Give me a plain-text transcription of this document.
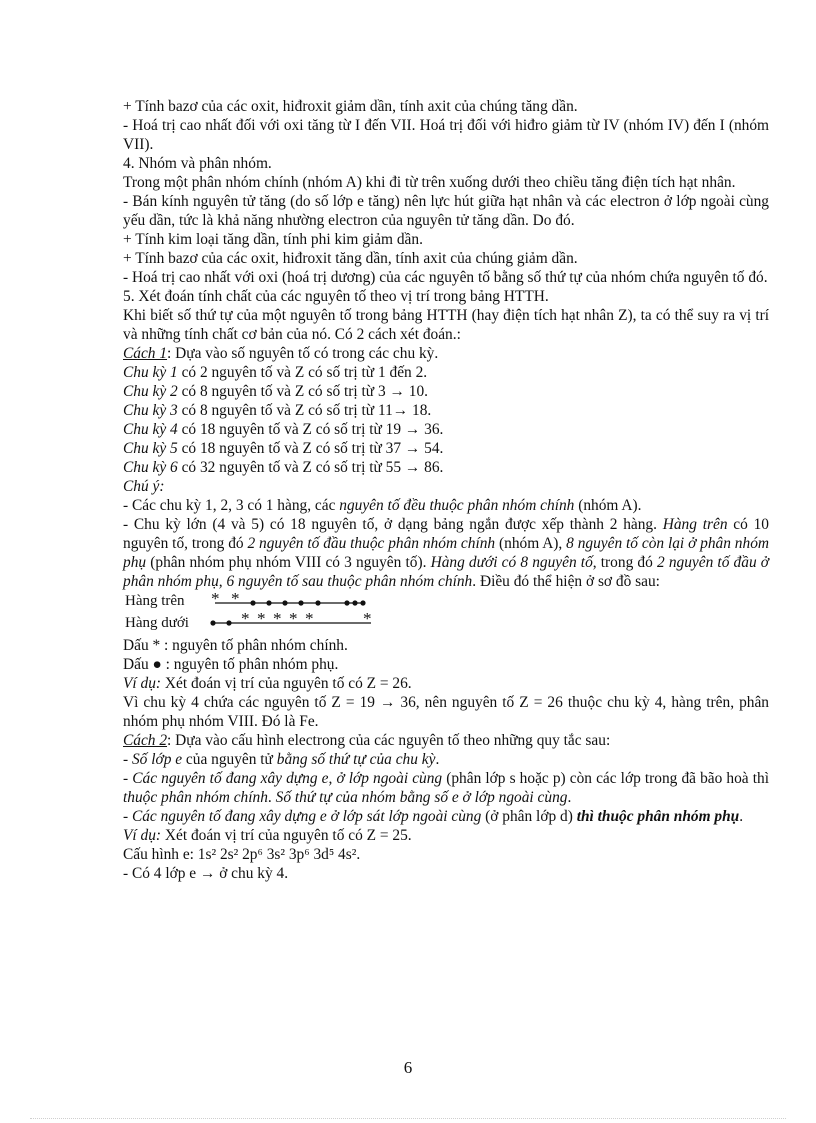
+ Tính bazơ của các oxit, hiđroxit giảm dần, tính axit của chúng tăng dần.

- Hoá trị cao nhất đối với oxi tăng từ I đến VII. Hoá trị đối với hiđro giảm từ IV (nhóm IV) đến I (nhóm VII).

4. Nhóm và phân nhóm.

Trong một phân nhóm chính (nhóm A) khi đi từ trên xuống dưới theo chiều tăng điện tích hạt nhân.

- Bán kính nguyên tử tăng (do số lớp e tăng) nên lực hút giữa hạt nhân và các electron ở lớp ngoài cùng yếu dần, tức là khả năng nhường electron của nguyên tử tăng dần. Do đó.

+ Tính kim loại tăng dần, tính phi kim giảm dần.

+ Tính bazơ của các oxit, hiđroxit tăng dần, tính axit của chúng giảm dần.

- Hoá trị cao nhất với oxi (hoá trị dương) của các nguyên tố bằng số thứ tự của nhóm chứa nguyên tố đó.

5. Xét đoán tính chất của các nguyên tố theo vị trí trong bảng HTTH.

Khi biết số thứ tự của một nguyên tố trong bảng HTTH (hay điện tích hạt nhân Z), ta có thể suy ra vị trí và những tính chất cơ bản của nó. Có 2 cách xét đoán.:

Cách 1: Dựa vào số nguyên tố có trong các chu kỳ.

Chu kỳ 1 có 2 nguyên tố và Z có số trị từ 1 đến 2.

Chu kỳ 2 có 8 nguyên tố và Z có số trị từ 3 → 10.

Chu kỳ 3 có 8 nguyên tố và Z có số trị từ 11→ 18.

Chu kỳ 4 có 18 nguyên tố và Z có số trị từ 19 → 36.

Chu kỳ 5 có 18 nguyên tố và Z có số trị từ 37 → 54.

Chu kỳ 6 có 32 nguyên tố và Z có số trị từ 55 → 86.

Chú ý:

- Các chu kỳ 1, 2, 3 có 1 hàng, các nguyên tố đều thuộc phân nhóm chính (nhóm A).

- Chu kỳ lớn (4 và 5) có 18 nguyên tố, ở dạng bảng ngắn được xếp thành 2 hàng. Hàng trên có 10 nguyên tố, trong đó 2 nguyên tố đầu thuộc phân nhóm chính (nhóm A), 8 nguyên tố còn lại ở phân nhóm phụ (phân nhóm phụ nhóm VIII có 3 nguyên tố). Hàng dưới có 8 nguyên tố, trong đó 2 nguyên tố đầu ở phân nhóm phụ, 6 nguyên tố sau thuộc phân nhóm chính. Điều đó thể hiện ở sơ đồ sau:

Hàng trên
Hàng dưới
* *
* * * * *	*

Dấu * : nguyên tố phân nhóm chính.

Dấu ● : nguyên tố phân nhóm phụ.

Ví dụ: Xét đoán vị trí của nguyên tố có Z = 26.

Vì chu kỳ 4 chứa các nguyên tố Z = 19 → 36, nên nguyên tố Z = 26 thuộc chu kỳ 4, hàng trên, phân nhóm phụ nhóm VIII. Đó là Fe.

Cách 2: Dựa vào cấu hình electrong của các nguyên tố theo những quy tắc sau:

- Số lớp e của nguyên tử bằng số thứ tự của chu kỳ.

- Các nguyên tố đang xây dựng e, ở lớp ngoài cùng (phân lớp s hoặc p) còn các lớp trong đã bão hoà thì thuộc phân nhóm chính. Số thứ tự của nhóm bằng số e ở lớp ngoài cùng.

- Các nguyên tố đang xây dựng e ở lớp sát lớp ngoài cùng (ở phân lớp d) thì thuộc phân nhóm phụ.

Ví dụ: Xét đoán vị trí của nguyên tố có Z = 25.

Cấu hình e: 1s² 2s² 2p⁶ 3s² 3p⁶ 3d⁵ 4s².

- Có 4 lớp e → ở chu kỳ 4.

6
